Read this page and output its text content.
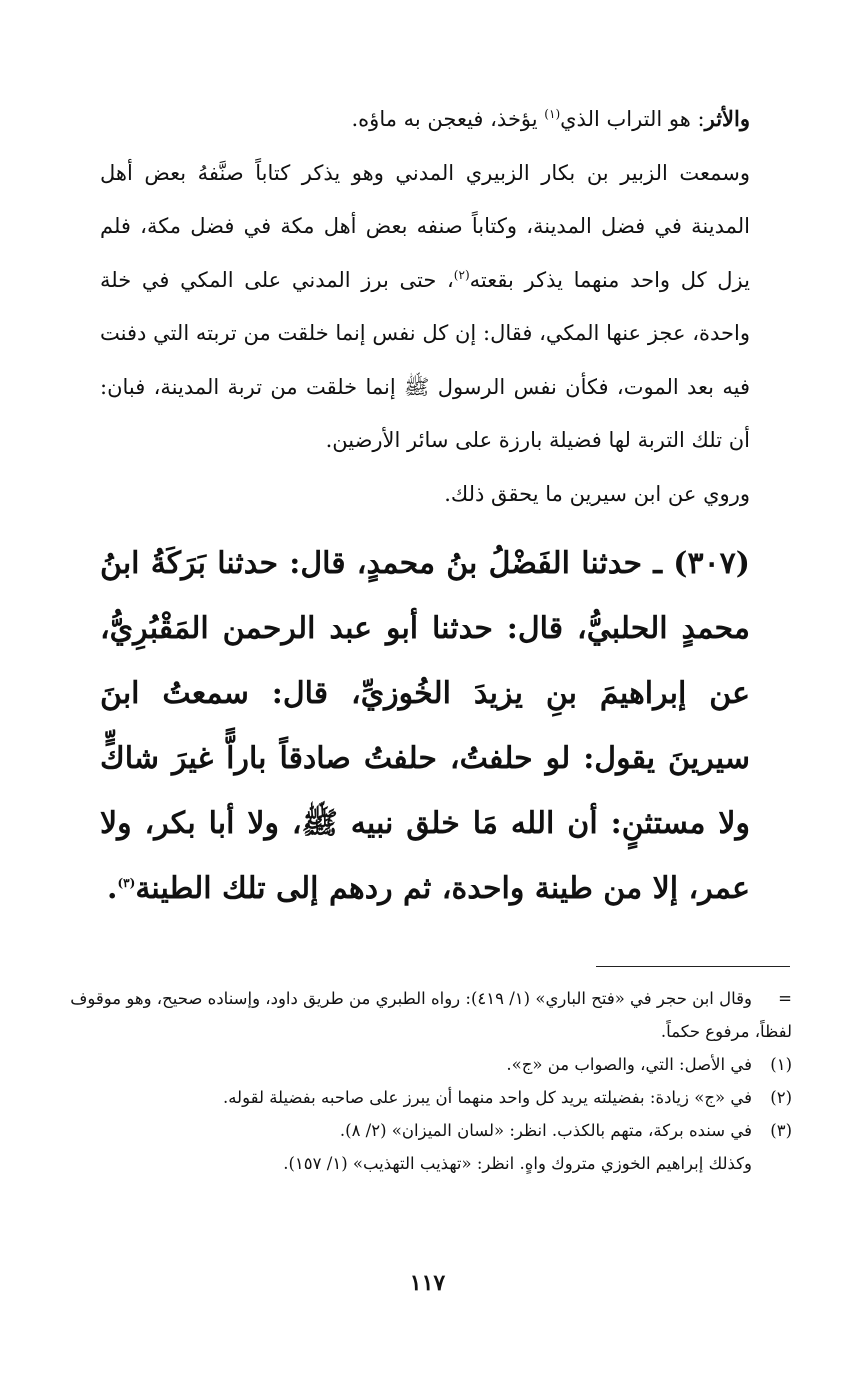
والأثر: هو التراب الذي$^{(١)}$ يؤخذ، فيعجن به ماؤه.

وسمعت الزبير بن بكار الزبيري المدني وهو يذكر كتاباً صنَّفهُ بعض أهل المدينة في فضل المدينة، وكتاباً صنفه بعض أهل مكة في فضل مكة، فلم يزل كل واحد منهما يذكر بقعته$^{(٢)}$، حتى برز المدني على المكي في خلة واحدة، عجز عنها المكي، فقال: إن كل نفس إنما خلقت من تربته التي دفنت فيه بعد الموت، فكأن نفس الرسول ﷺ إنما خلقت من تربة المدينة، فبان: أن تلك التربة لها فضيلة بارزة على سائر الأرضين.

وروي عن ابن سيرين ما يحقق ذلك.

(٣٠٧) ـ حدثنا الفَضْلُ بنُ محمدٍ، قال: حدثنا بَرَكَةُ ابنُ محمدٍ الحلبيُّ، قال: حدثنا أبو عبد الرحمن المَقْبُرِيُّ، عن إبراهيمَ بنِ يزيدَ الخُوزيِّ، قال: سمعتُ ابنَ سيرينَ يقول: لو حلفتُ، حلفتُ صادقاً باراًّ غيرَ شاكٍّ ولا مستثنٍ: أن الله مَا خلق نبيه ﷺ، ولا أبا بكر، ولا عمر، إلا من طينة واحدة، ثم ردهم إلى تلك الطينة$^{(٣)}$.

=وقال ابن حجر في «فتح الباري» (١/ ٤١٩): رواه الطبري من طريق داود، وإسناده صحيح، وهو موقوف لفظاً، مرفوع حكماً.

(١)في الأصل: التي، والصواب من «ج».

(٢)في «ج» زيادة: بفضيلته يريد كل واحد منهما أن يبرز على صاحبه بفضيلة لقوله.

(٣)في سنده بركة، متهم بالكذب. انظر: «لسان الميزان» (٢/ ٨).

وكذلك إبراهيم الخوزي متروك واهٍ. انظر: «تهذيب التهذيب» (١/ ١٥٧).

١١٧
